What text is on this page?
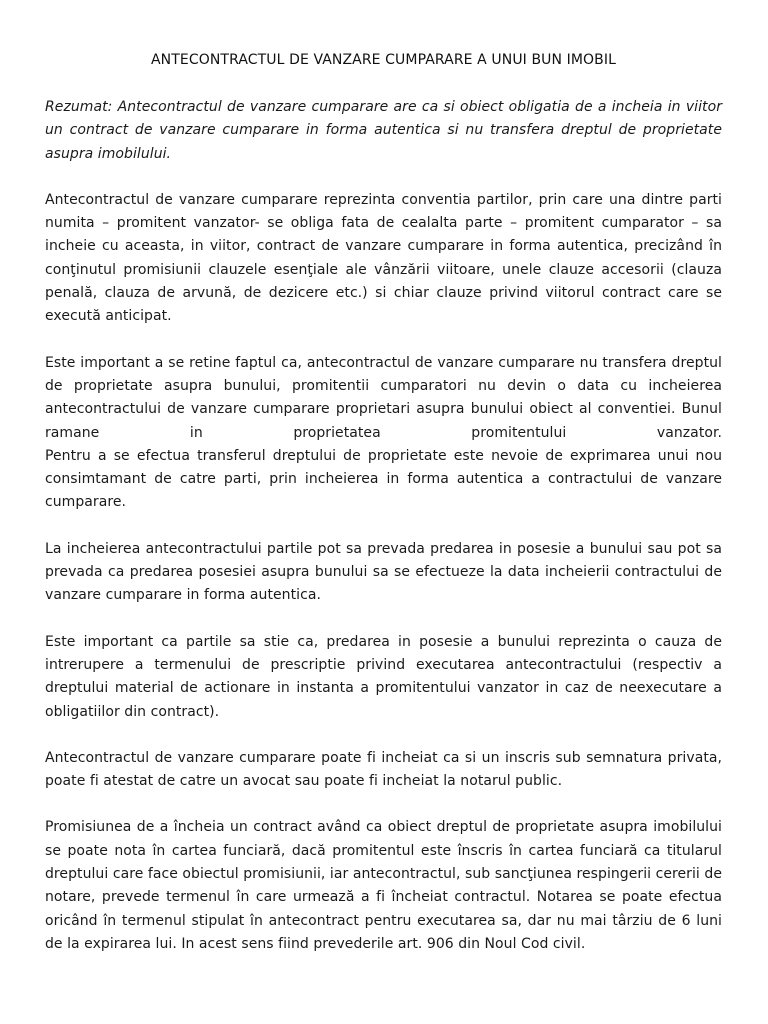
ANTECONTRACTUL DE VANZARE CUMPARARE A UNUI BUN IMOBIL

Rezumat: Antecontractul de vanzare cumparare are ca si obiect obligatia de a incheia in viitor un contract de vanzare cumparare in forma autentica si nu transfera dreptul de proprietate asupra imobilului.

Antecontractul de vanzare cumparare reprezinta conventia partilor, prin care una dintre parti numita – promitent vanzator- se obliga fata de cealalta parte – promitent cumparator – sa incheie cu aceasta, in viitor, contract de vanzare cumparare in forma autentica, precizând în conţinutul promisiunii clauzele esenţiale ale vânzării viitoare, unele clauze accesorii (clauza penală, clauza de arvună, de dezicere etc.) si chiar clauze privind viitorul contract care se execută anticipat.

Este important a se retine faptul ca, antecontractul de vanzare cumparare nu transfera dreptul de proprietate asupra bunului, promitentii cumparatori nu devin o data cu incheierea antecontractului de vanzare cumparare proprietari asupra bunului obiect al conventiei. Bunul ramane in proprietatea promitentului vanzator.
Pentru a se efectua transferul dreptului de proprietate este nevoie de exprimarea unui nou consimtamant de catre parti, prin incheierea in forma autentica a contractului de vanzare cumparare.

La incheierea antecontractului partile pot sa prevada predarea in posesie a bunului sau pot sa prevada ca predarea posesiei asupra bunului sa se efectueze la data incheierii contractului de vanzare cumparare in forma autentica.

Este important ca partile sa stie ca, predarea in posesie a bunului reprezinta o cauza de intrerupere a termenului de prescriptie privind executarea antecontractului (respectiv a dreptului material de actionare in instanta a promitentului vanzator in caz de neexecutare a obligatiilor din contract).

Antecontractul de vanzare cumparare poate fi incheiat ca si un inscris sub semnatura privata, poate fi atestat de catre un avocat sau poate fi incheiat la notarul public.

Promisiunea de a încheia un contract având ca obiect dreptul de proprietate asupra imobilului se poate nota în cartea funciară, dacă promitentul este înscris în cartea funciară ca titularul dreptului care face obiectul promisiunii, iar antecontractul, sub sancţiunea respingerii cererii de notare, prevede termenul în care urmează a fi încheiat contractul. Notarea se poate efectua oricând în termenul stipulat în antecontract pentru executarea sa, dar nu mai târziu de 6 luni de la expirarea lui. In acest sens fiind prevederile art. 906 din Noul Cod civil.
